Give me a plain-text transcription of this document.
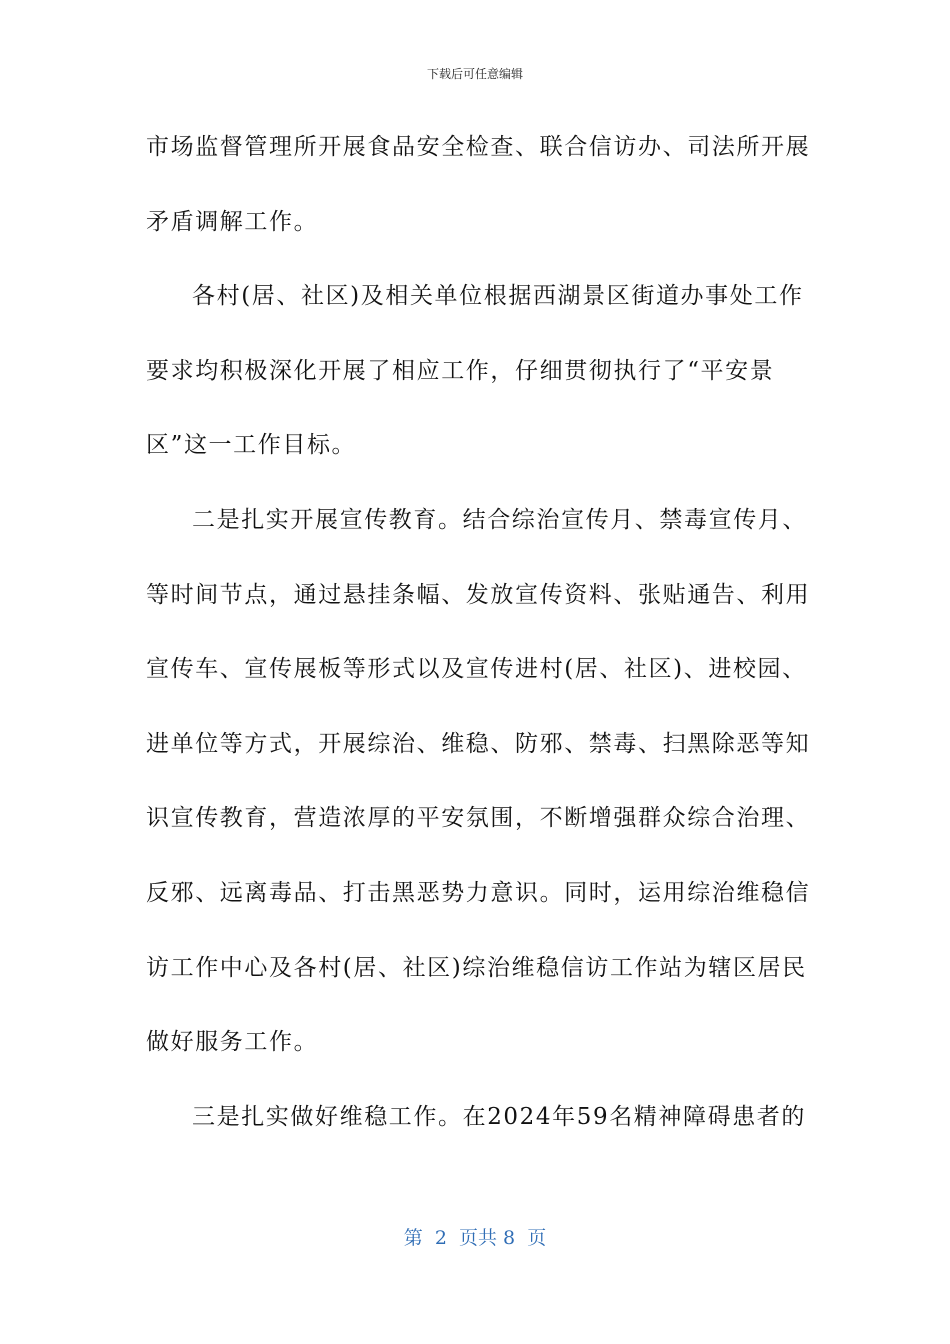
下载后可任意编辑
市场监督管理所开展食品安全检查、联合信访办、司法所开展
矛盾调解工作。
各村(居、社区)及相关单位根据西湖景区街道办事处工作
要求均积极深化开展了相应工作，仔细贯彻执行了“平安景
区”这一工作目标。
二是扎实开展宣传教育。结合综治宣传月、禁毒宣传月、
等时间节点，通过悬挂条幅、发放宣传资料、张贴通告、利用
宣传车、宣传展板等形式以及宣传进村(居、社区)、进校园、
进单位等方式，开展综治、维稳、防邪、禁毒、扫黑除恶等知
识宣传教育，营造浓厚的平安氛围，不断增强群众综合治理、
反邪、远离毒品、打击黑恶势力意识。同时，运用综治维稳信
访工作中心及各村(居、社区)综治维稳信访工作站为辖区居民
做好服务工作。
三是扎实做好维稳工作。在2024年59名精神障碍患者的
第  2  页共 8  页
